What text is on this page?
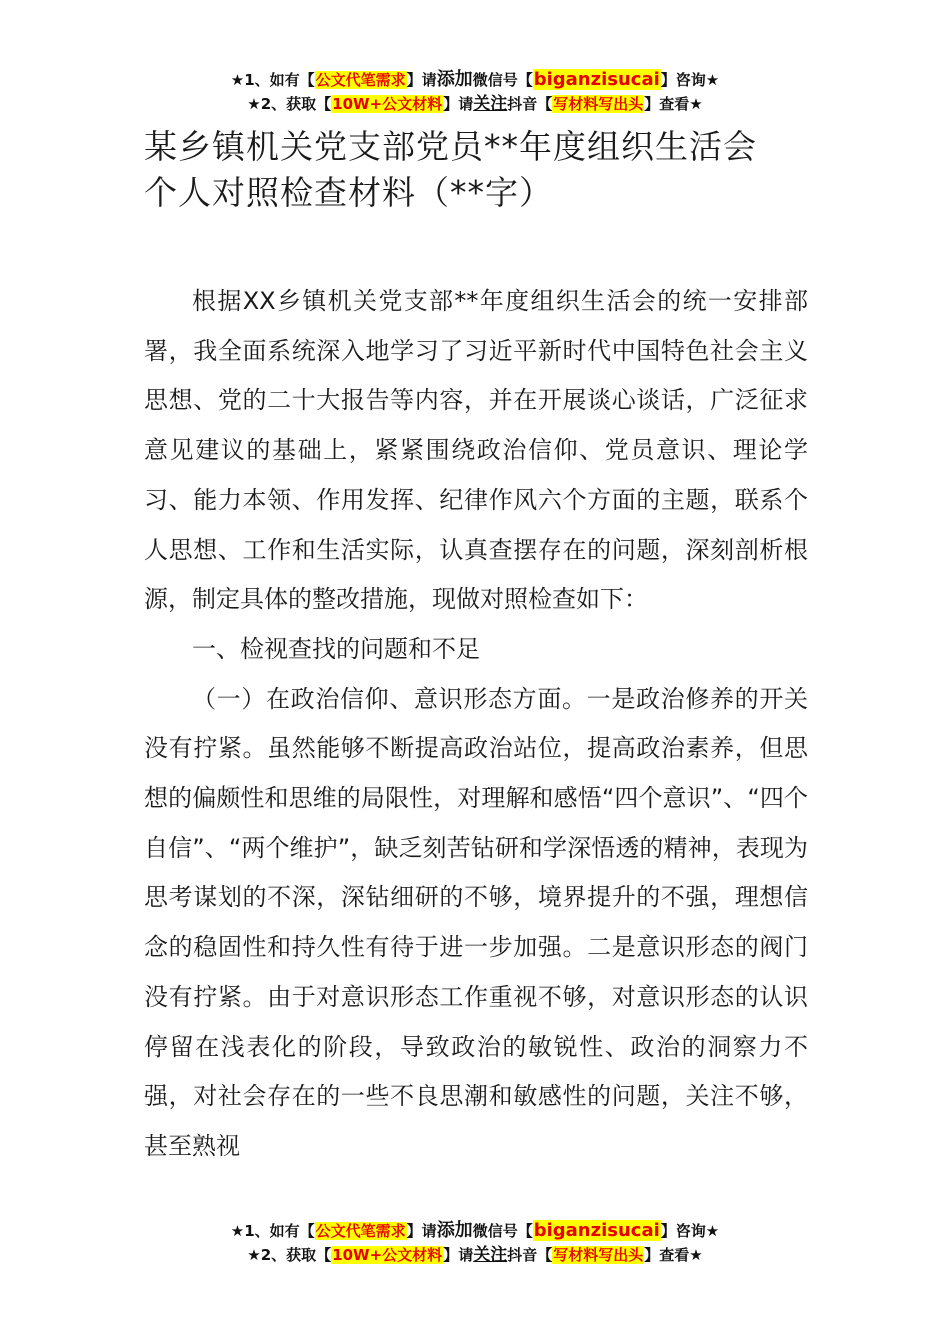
★1、如有【公文代笔需求】请添加微信号【biganzisucai】咨询★
★2、获取【10W+公文材料】请关注抖音【写材料写出头】查看★
某乡镇机关党支部党员**年度组织生活会
个人对照检查材料（**字）

根据XX乡镇机关党支部**年度组织生活会的统一安排部署，我全面系统深入地学习了习近平新时代中国特色社会主义思想、党的二十大报告等内容，并在开展谈心谈话，广泛征求意见建议的基础上，紧紧围绕政治信仰、党员意识、理论学习、能力本领、作用发挥、纪律作风六个方面的主题，联系个人思想、工作和生活实际，认真查摆存在的问题，深刻剖析根源，制定具体的整改措施，现做对照检查如下：

一、检视查找的问题和不足

（一）在政治信仰、意识形态方面。一是政治修养的开关没有拧紧。虽然能够不断提高政治站位，提高政治素养，但思想的偏颇性和思维的局限性，对理解和感悟“四个意识”、“四个自信”、“两个维护”，缺乏刻苦钻研和学深悟透的精神，表现为思考谋划的不深，深钻细研的不够，境界提升的不强，理想信念的稳固性和持久性有待于进一步加强。二是意识形态的阀门没有拧紧。由于对意识形态工作重视不够，对意识形态的认识停留在浅表化的阶段，导致政治的敏锐性、政治的洞察力不强，对社会存在的一些不良思潮和敏感性的问题，关注不够，甚至熟视

★1、如有【公文代笔需求】请添加微信号【biganzisucai】咨询★
★2、获取【10W+公文材料】请关注抖音【写材料写出头】查看★
